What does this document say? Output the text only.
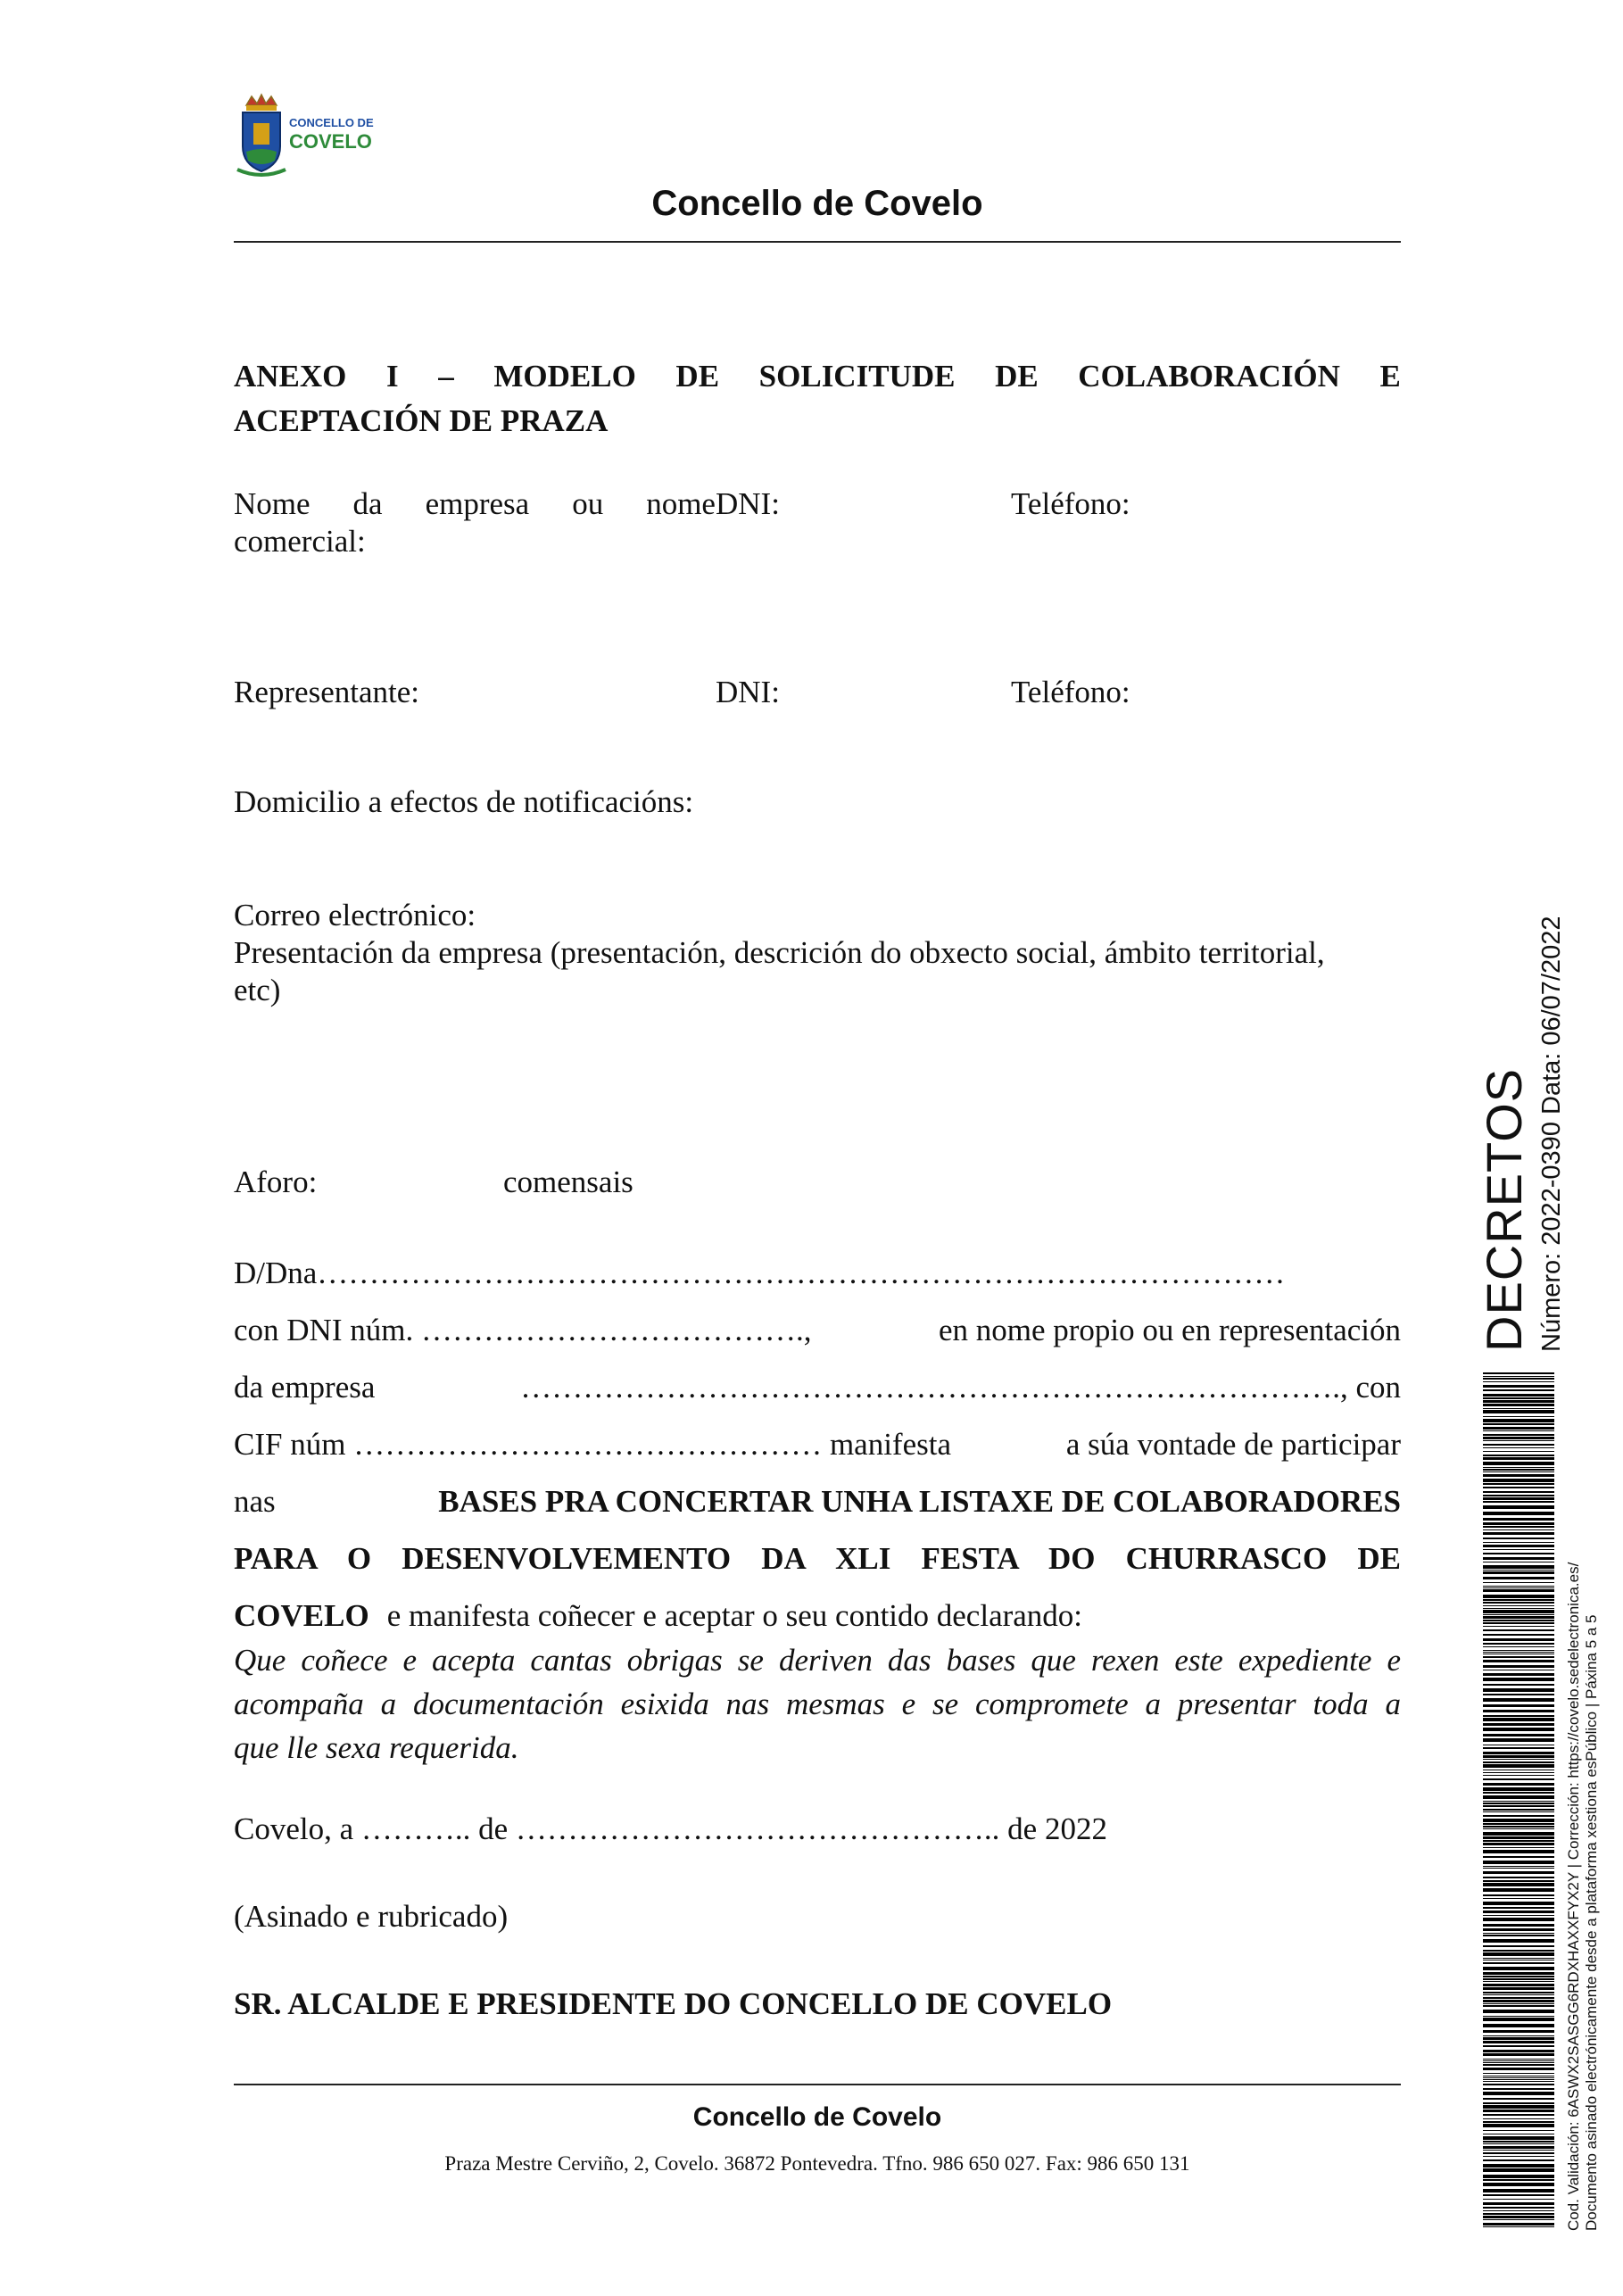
CONCELLO DE
COVELO
Concello de Covelo
ANEXO I – MODELO DE SOLICITUDE DE COLABORACIÓN E
ACEPTACIÓN DE PRAZA
Nome da empresa ou nome
comercial:
DNI:	Teléfono:
Representante:	DNI:	Teléfono:
Domicilio a efectos de notificacións:
Correo electrónico:
Presentación da empresa (presentación, descrición do obxecto social, ámbito territorial,
etc)
Aforo:	comensais
D/Dna…………………………………………………………………………………
con DNI núm. ……………………………….,	en nome propio ou en representación
da empresa	……………………………………………………………………., con
CIF núm ……………………………………… manifesta	a súa vontade de participar
nas	BASES PRA CONCERTAR UNHA LISTAXE DE COLABORADORES
PARA O DESENVOLVEMENTO DA XLI FESTA DO CHURRASCO DE
COVELO e manifesta coñecer e aceptar o seu contido declarando:
Que coñece e acepta cantas obrigas se deriven das bases que rexen este expediente e
acompaña a documentación esixida nas mesmas e se compromete a presentar toda a
que lle sexa requerida.
Covelo, a ……….. de ……………………………………….. de 2022
(Asinado e rubricado)
SR. ALCALDE E PRESIDENTE DO CONCELLO DE COVELO
Concello de Covelo
Praza Mestre Cerviño, 2, Covelo. 36872 Pontevedra. Tfno. 986 650 027. Fax: 986 650 131
DECRETOS Número: 2022-0390 Data: 06/07/2022
Cod. Validación: 6ASWX2SASGG6RDXHAXXFYX2Y | Corrección: https://covelo.sedelectronica.es/ Documento asinado electrónicamente desde a plataforma xestiona esPúblico | Páxina 5 a 5
